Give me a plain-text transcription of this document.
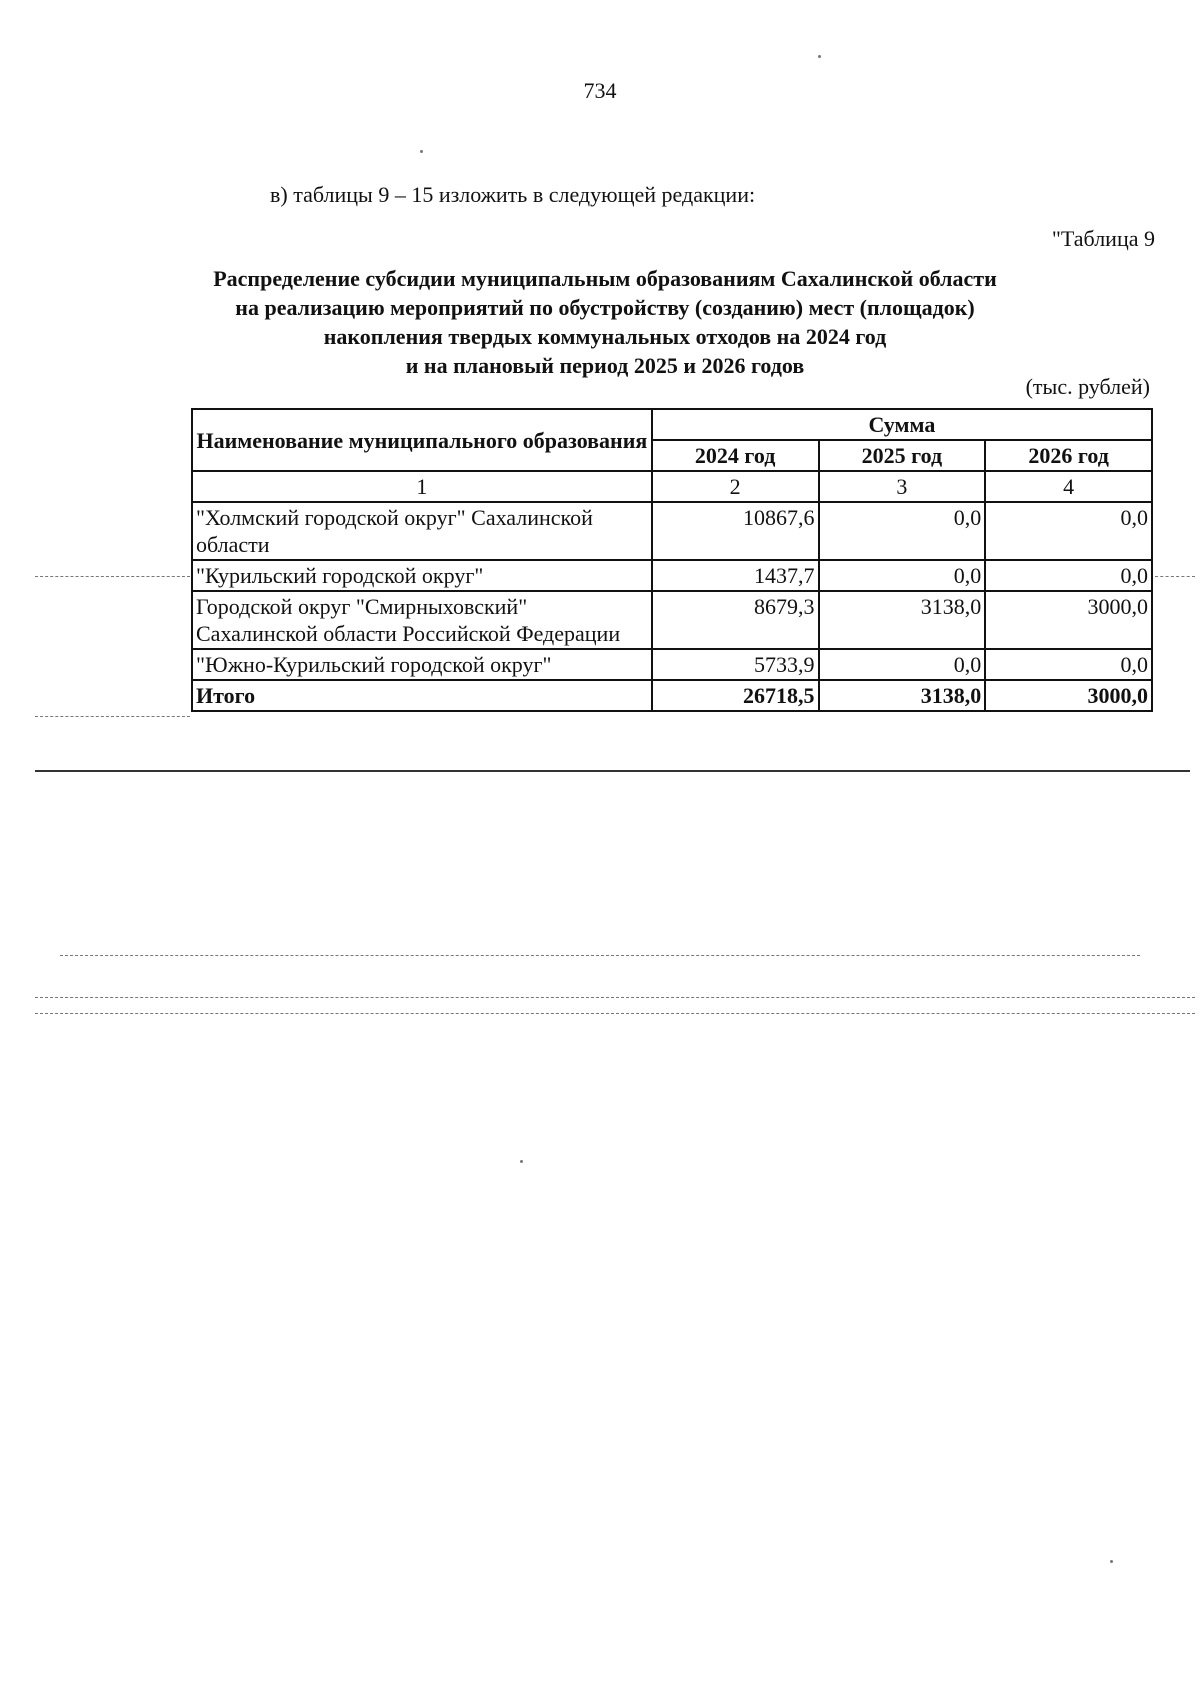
734
в) таблицы 9 – 15 изложить в следующей редакции:
"Таблица 9
Распределение субсидии муниципальным образованиям Сахалинской области
на реализацию мероприятий по обустройству (созданию) мест (площадок)
накопления твердых коммунальных отходов на 2024 год
и на плановый период 2025 и 2026 годов
(тыс. рублей)
Наименование муниципального образования	Сумма		
	2024 год	2025 год	2026 год
1	2	3	4
"Холмский городской округ" Сахалинской области	10867,6	0,0	0,0
"Курильский городской округ"	1437,7	0,0	0,0
Городской округ "Смирныховский" Сахалинской области Российской Федерации	8679,3	3138,0	3000,0
"Южно-Курильский городской округ"	5733,9	0,0	0,0
Итого	26718,5	3138,0	3000,0
